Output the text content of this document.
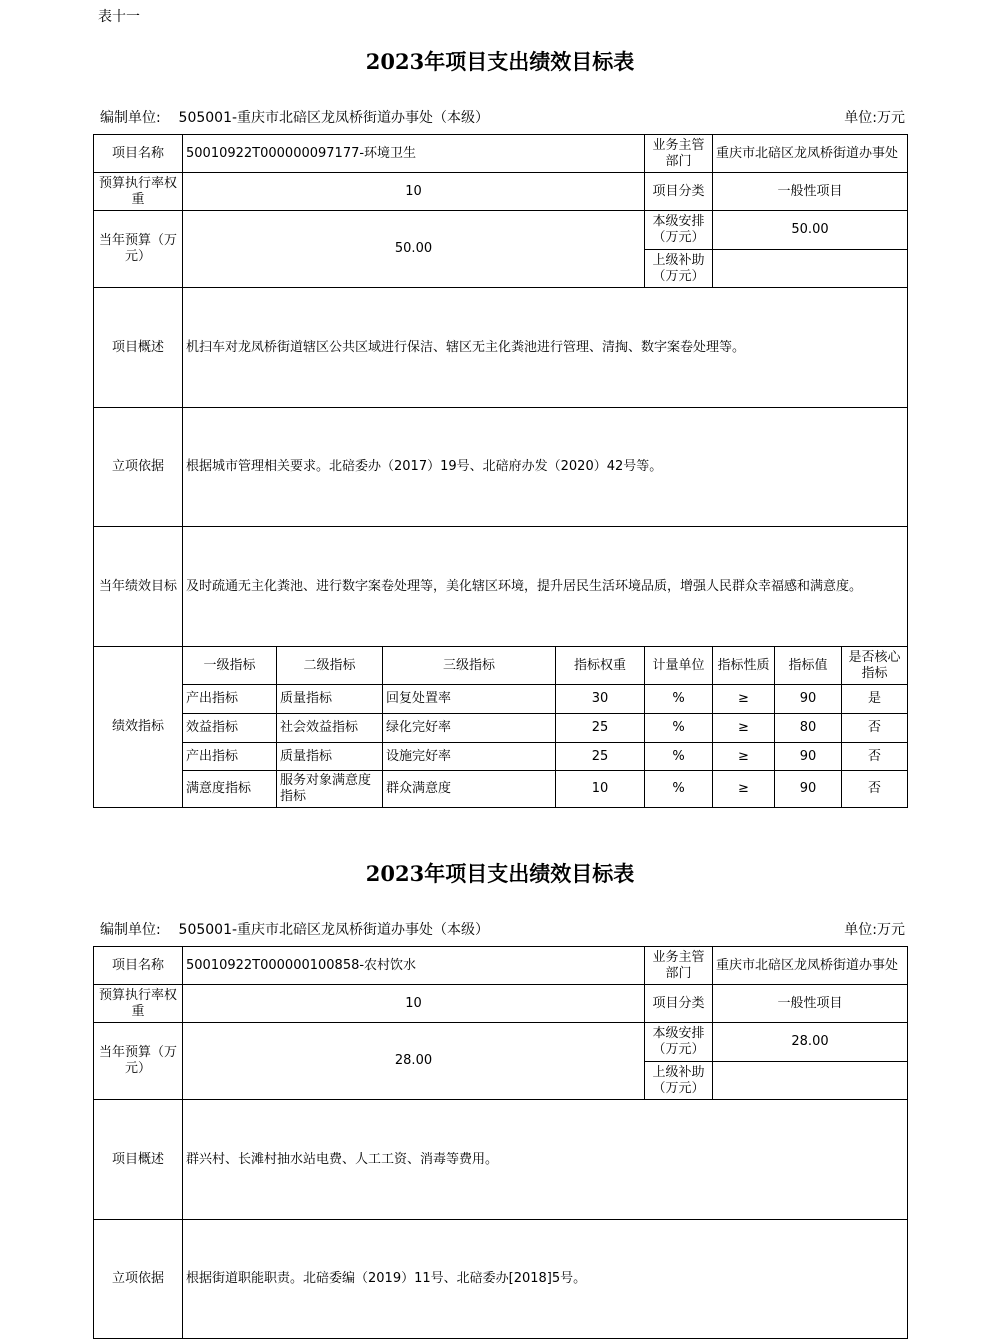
表十一
2023年项目支出绩效目标表
编制单位: 505001-重庆市北碚区龙凤桥街道办事处（本级）	单位:万元
项目名称	50010922T000000097177-环境卫生				业务主管部门	重庆市北碚区龙凤桥街道办事处		
预算执行率权重	10				项目分类	一般性项目		
当年预算（万元）	50.00				本级安排（万元）	50.00		
					上级补助（万元）			
项目概述	机扫车对龙凤桥街道辖区公共区域进行保洁、辖区无主化粪池进行管理、清掏、数字案卷处理等。							
立项依据	根据城市管理相关要求。北碚委办（2017）19号、北碚府办发（2020）42号等。							
当年绩效目标	及时疏通无主化粪池、进行数字案卷处理等，美化辖区环境，提升居民生活环境品质，增强人民群众幸福感和满意度。							
绩效指标	一级指标	二级指标	三级指标	指标权重	计量单位	指标性质	指标值	是否核心指标
	产出指标	质量指标	回复处置率	30	%	≥	90	是
	效益指标	社会效益指标	绿化完好率	25	%	≥	80	否
	产出指标	质量指标	设施完好率	25	%	≥	90	否
	满意度指标	服务对象满意度指标	群众满意度	10	%	≥	90	否
2023年项目支出绩效目标表
编制单位: 505001-重庆市北碚区龙凤桥街道办事处（本级）	单位:万元
项目名称	50010922T000000100858-农村饮水	业务主管部门	重庆市北碚区龙凤桥街道办事处
预算执行率权重	10	项目分类	一般性项目
当年预算（万元）	28.00	本级安排（万元）	28.00
		上级补助（万元）	
项目概述	群兴村、长滩村抽水站电费、人工工资、消毒等费用。		
立项依据	根据街道职能职责。北碚委编（2019）11号、北碚委办[2018]5号。		
